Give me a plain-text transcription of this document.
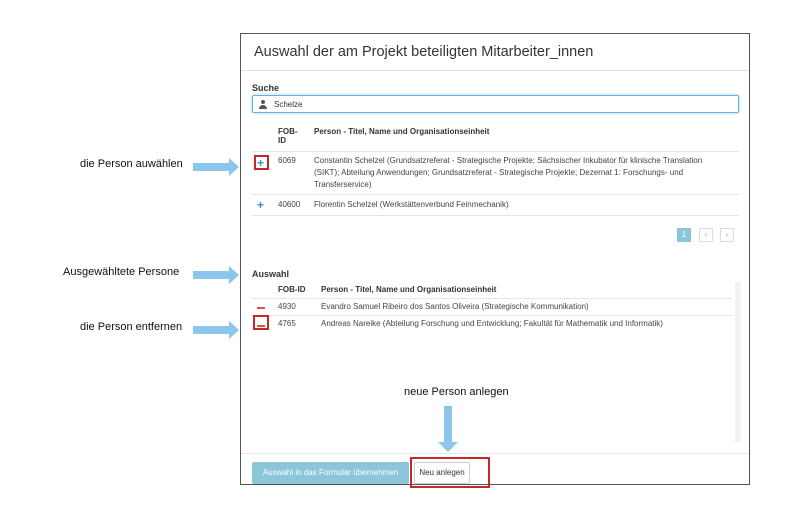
die Person auwählen
Ausgewähltete Persone
die Person entfernen
Auswahl der am Projekt beteiligten Mitarbeiter_innen
Suche
Schelze
FOB-
ID
Person - Titel, Name und Organisationseinheit
+ 6069 Constantin Schelzel (Grundsatzreferat - Strategische Projekte; Sächsischer Inkubator für klinische Translation
(SIKT); Abteilung Anwendungen; Grundsatzreferat - Strategische Projekte; Dezernat 1: Forschungs- und
Transferservice)
+ 40600 Florentin Schelzel (Werkstättenverbund Feinmechanik)
1	‹	›
Auswahl
FOB-ID Person - Titel, Name und Organisationseinheit
4930	Evandro Samuel Ribeiro dos Santos Oliveira (Strategische Kommunikation)
4765	Andreas Nareike (Abteilung Forschung und Entwicklung; Fakultät für Mathematik und Informatik)
neue Person anlegen
Auswahl in das Formular übernehmen	Neu anlegen
